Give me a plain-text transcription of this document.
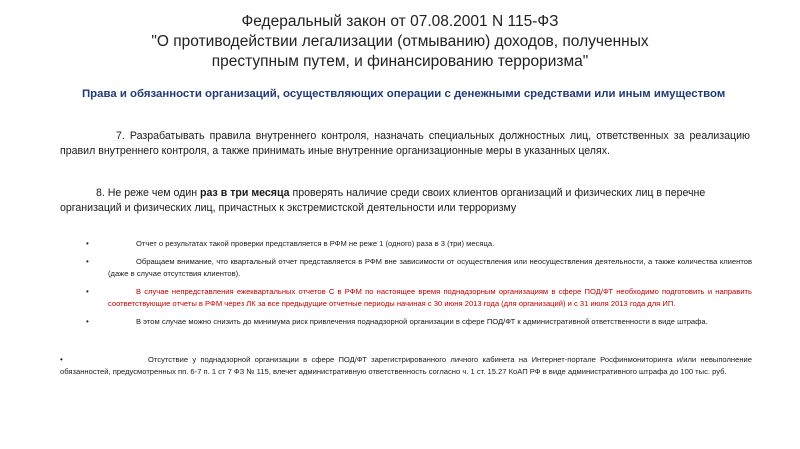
Федеральный закон от 07.08.2001 N 115-ФЗ
"О противодействии легализации (отмыванию) доходов, полученных
преступным путем, и финансированию терроризма"
Права и обязанности организаций, осуществляющих операции с денежными средствами или иным имуществом
7. Разрабатывать правила внутреннего контроля, назначать специальных должностных лиц, ответственных за реализацию правил внутреннего контроля, а также принимать иные внутренние организационные меры в указанных целях.
8. Не реже чем один раз в три месяца проверять наличие среди своих клиентов организаций и физических лиц в перечне организаций и физических лиц, причастных к экстремистской деятельности или терроризму
•	Отчет о результатах такой проверки представляется в РФМ не реже 1 (одного) раза в 3 (три) месяца.
•	Обращаем внимание, что квартальный отчет представляется в РФМ вне зависимости от осуществления или неосуществления деятельности, а также количества клиентов (даже в случае отсутствия клиентов).
•	В случае непредставления ежеквартальных отчетов С в РФМ по настоящее время поднадзорным организациям в сфере ПОД/ФТ необходимо подготовить и направить соответствующие отчеты в РФМ через ЛК за все предыдущие отчетные периоды начиная с 30 июня 2013 года (для организаций) и с 31 июля 2013 года для ИП.
•	В этом случае можно снизить до минимума риск привлечения поднадзорной организации в сфере ПОД/ФТ к административной ответственности в виде штрафа.
•	Отсутствие у поднадзорной организации в сфере ПОД/ФТ зарегистрированного личного кабинета на Интернет-портале Росфинмониторинга и/или невыполнение обязанностей, предусмотренных пп. 6-7 п. 1 ст 7 ФЗ № 115, влечет административную ответственность согласно ч. 1 ст. 15.27 КоАП РФ в виде административного штрафа до 100 тыс. руб.
